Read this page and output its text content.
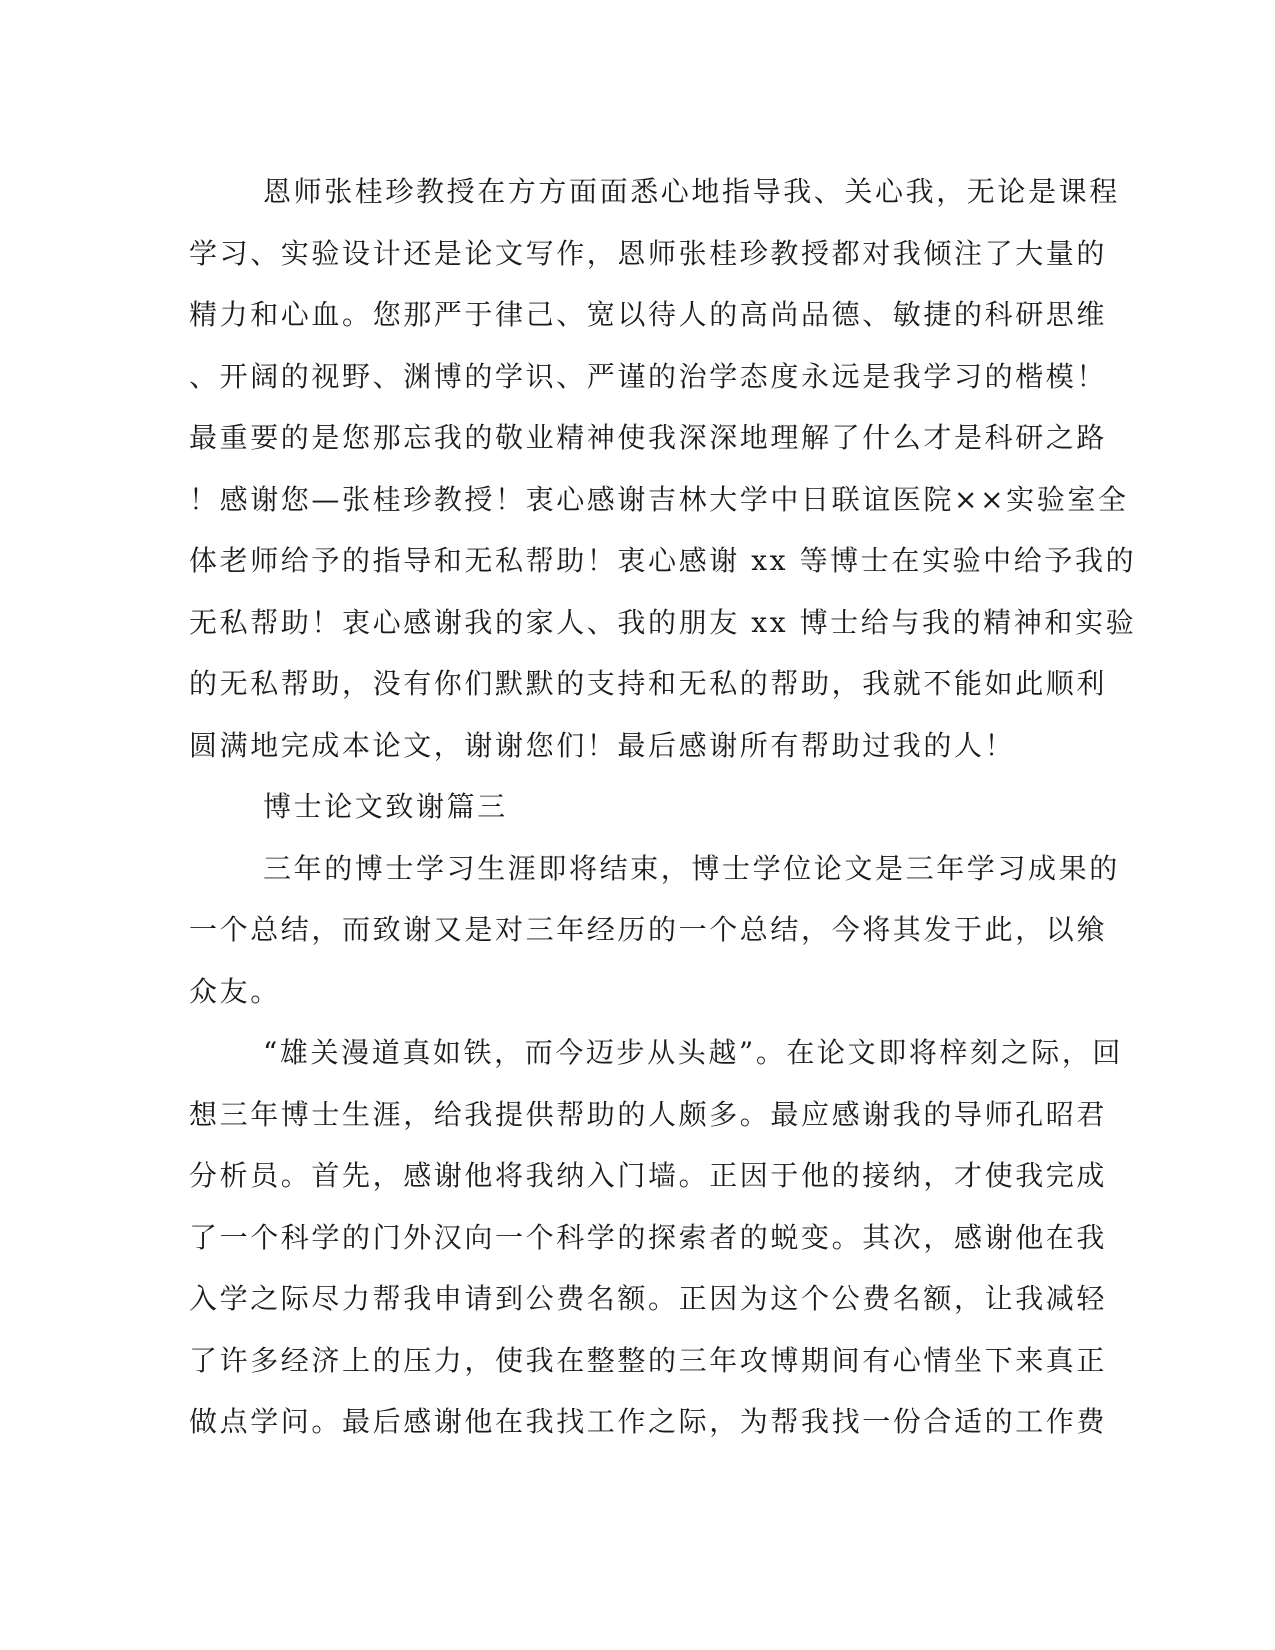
恩师张桂珍教授在方方面面悉心地指导我、关心我，无论是课程
学习、实验设计还是论文写作，恩师张桂珍教授都对我倾注了大量的
精力和心血。您那严于律己、宽以待人的高尚品德、敏捷的科研思维
、开阔的视野、渊博的学识、严谨的治学态度永远是我学习的楷模！
最重要的是您那忘我的敬业精神使我深深地理解了什么才是科研之路
！感谢您—张桂珍教授！衷心感谢吉林大学中日联谊医院××实验室全
体老师给予的指导和无私帮助！衷心感谢 xx 等博士在实验中给予我的
无私帮助！衷心感谢我的家人、我的朋友 xx 博士给与我的精神和实验
的无私帮助，没有你们默默的支持和无私的帮助，我就不能如此顺利
圆满地完成本论文，谢谢您们！最后感谢所有帮助过我的人！
博士论文致谢篇三
三年的博士学习生涯即将结束，博士学位论文是三年学习成果的
一个总结，而致谢又是对三年经历的一个总结，今将其发于此，以飨
众友。
“雄关漫道真如铁，而今迈步从头越”。在论文即将梓刻之际，回
想三年博士生涯，给我提供帮助的人颇多。最应感谢我的导师孔昭君
分析员。首先，感谢他将我纳入门墙。正因于他的接纳，才使我完成
了一个科学的门外汉向一个科学的探索者的蜕变。其次，感谢他在我
入学之际尽力帮我申请到公费名额。正因为这个公费名额，让我减轻
了许多经济上的压力，使我在整整的三年攻博期间有心情坐下来真正
做点学问。最后感谢他在我找工作之际，为帮我找一份合适的工作费
